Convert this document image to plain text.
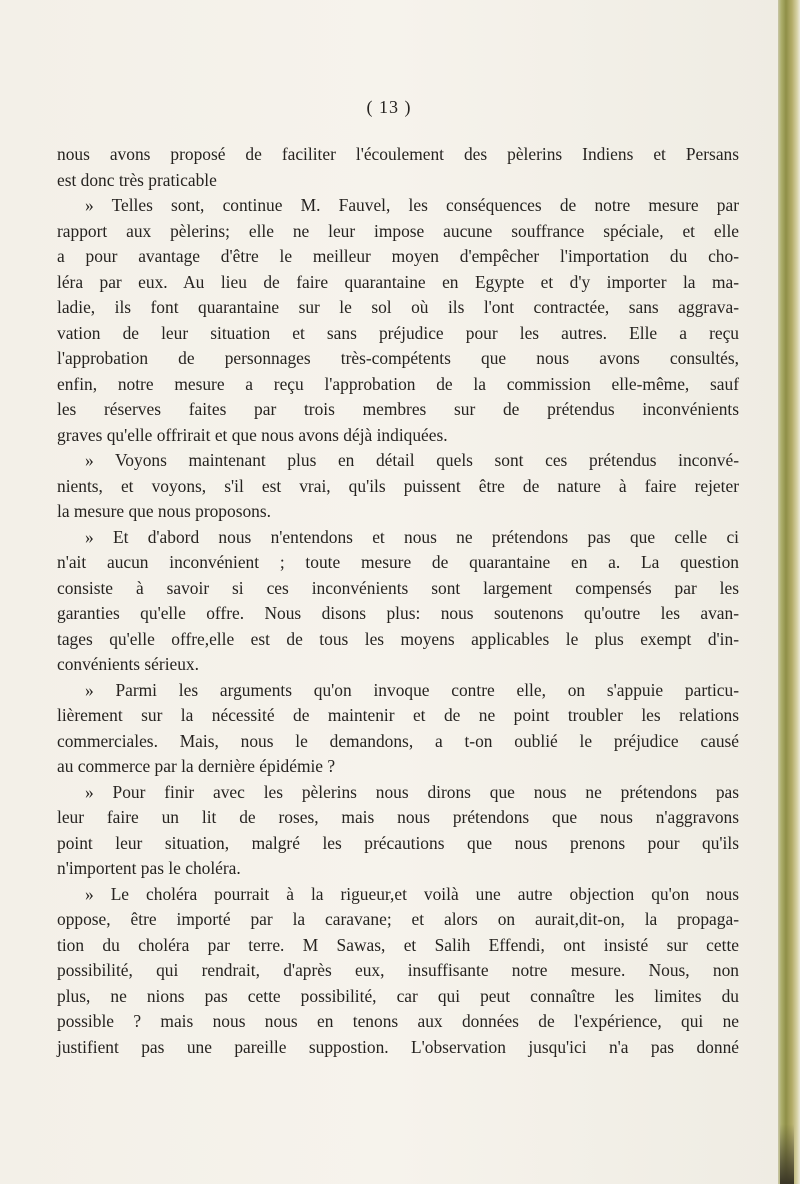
( 13 )
nous avons proposé de faciliter l'écoulement des pèlerins Indiens et Persans
est donc très praticable
» Telles sont, continue M. Fauvel, les conséquences de notre mesure par
rapport aux pèlerins; elle ne leur impose aucune souffrance spéciale, et elle
a pour avantage d'être le meilleur moyen d'empêcher l'importation du cho-
léra par eux. Au lieu de faire quarantaine en Egypte et d'y importer la ma-
ladie, ils font quarantaine sur le sol où ils l'ont contractée, sans aggrava-
vation de leur situation et sans préjudice pour les autres. Elle a reçu
l'approbation de personnages très-compétents que nous avons consultés,
enfin, notre mesure a reçu l'approbation de la commission elle-même, sauf
les réserves faites par trois membres sur de prétendus inconvénients
graves qu'elle offrirait et que nous avons déjà indiquées.
» Voyons maintenant plus en détail quels sont ces prétendus inconvé-
nients, et voyons, s'il est vrai, qu'ils puissent être de nature à faire rejeter
la mesure que nous proposons.
» Et d'abord nous n'entendons et nous ne prétendons pas que celle ci
n'ait aucun inconvénient ; toute mesure de quarantaine en a. La question
consiste à savoir si ces inconvénients sont largement compensés par les
garanties qu'elle offre. Nous disons plus: nous soutenons qu'outre les avan-
tages qu'elle offre,elle est de tous les moyens applicables le plus exempt d'in-
convénients sérieux.
» Parmi les arguments qu'on invoque contre elle, on s'appuie particu-
lièrement sur la nécessité de maintenir et de ne point troubler les relations
commerciales. Mais, nous le demandons, a t-on oublié le préjudice causé
au commerce par la dernière épidémie ?
» Pour finir avec les pèlerins nous dirons que nous ne prétendons pas
leur faire un lit de roses, mais nous prétendons que nous n'aggravons
point leur situation, malgré les précautions que nous prenons pour qu'ils
n'importent pas le choléra.
» Le choléra pourrait à la rigueur,et voilà une autre objection qu'on nous
oppose, être importé par la caravane; et alors on aurait,dit-on, la propaga-
tion du choléra par terre. M Sawas, et Salih Effendi, ont insisté sur cette
possibilité, qui rendrait, d'après eux, insuffisante notre mesure. Nous, non
plus, ne nions pas cette possibilité, car qui peut connaître les limites du
possible ? mais nous nous en tenons aux données de l'expérience, qui ne
justifient pas une pareille suppostion. L'observation jusqu'ici n'a pas donné
